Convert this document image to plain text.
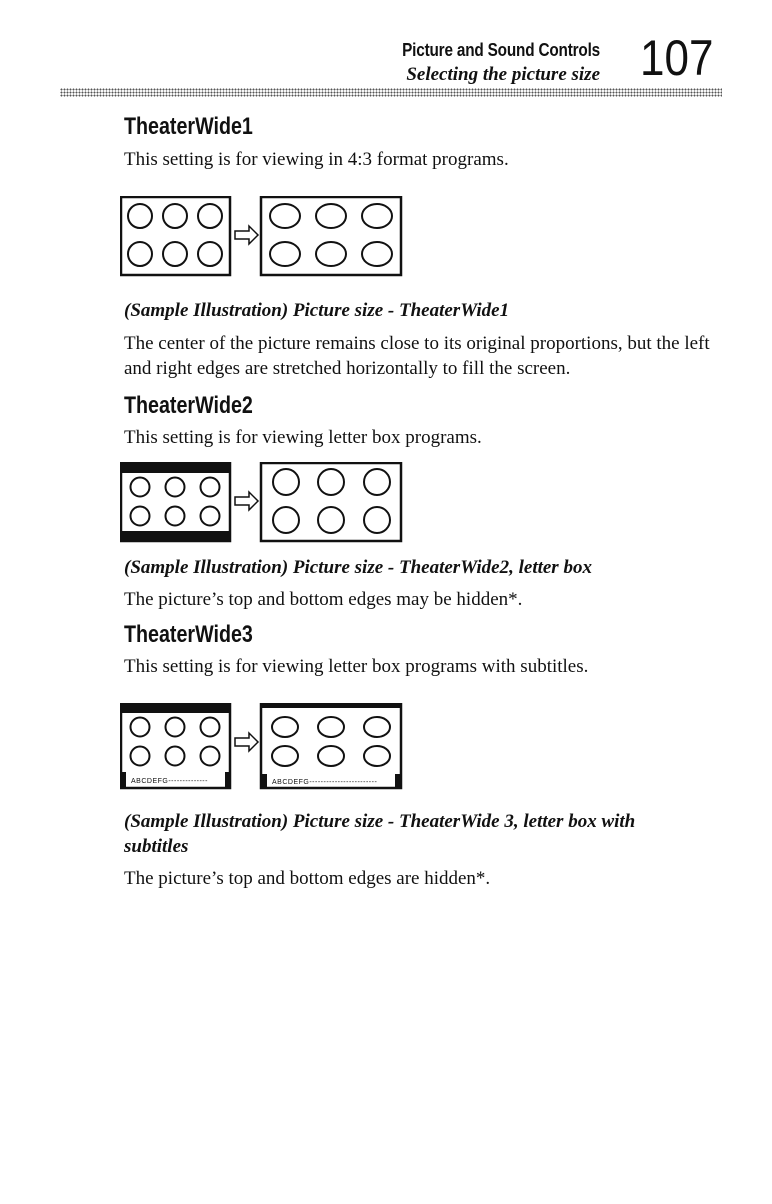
Picture and Sound Controls
Selecting the picture size 107
TheaterWide1

This setting is for viewing in 4:3 format programs.

(Sample Illustration) Picture size - TheaterWide1

The center of the picture remains close to its original proportions, but the left and right edges are stretched horizontally to fill the screen.

TheaterWide2

This setting is for viewing letter box programs.

(Sample Illustration) Picture size - TheaterWide2, letter box

The picture’s top and bottom edges may be hidden*.

TheaterWide3

This setting is for viewing letter box programs with subtitles.

ABCDEFG--------------	ABCDEFG------------------------

(Sample Illustration) Picture size - TheaterWide 3, letter box with subtitles

The picture’s top and bottom edges are hidden*.
